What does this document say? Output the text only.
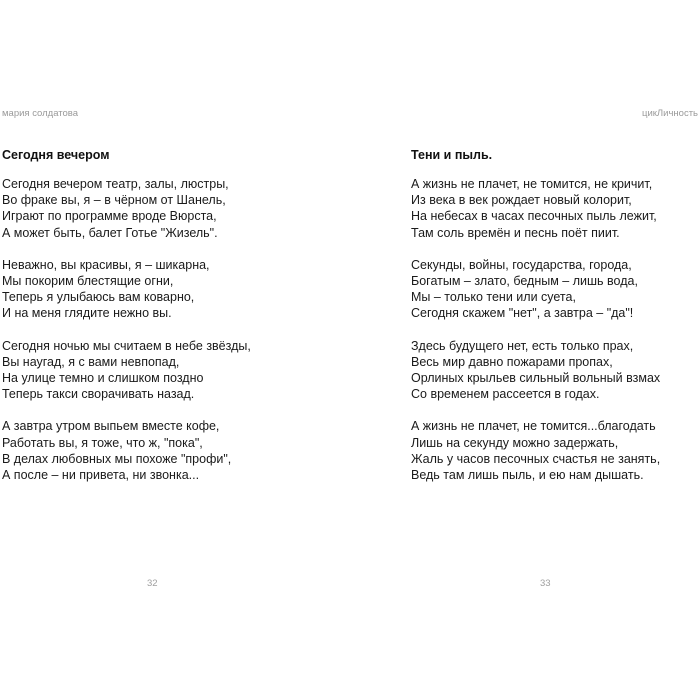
мария солдатова
Сегодня вечером
Сегодня вечером театр, залы, люстры,
Во фраке вы, я – в чёрном от Шанель,
Играют по программе вроде Вюрста,
А может быть, балет Готье "Жизель".
Неважно, вы красивы, я – шикарна,
Мы покорим блестящие огни,
Теперь я улыбаюсь вам коварно,
И на меня глядите нежно вы.
Сегодня ночью мы считаем в небе звёзды,
Вы наугад, я с вами невпопад,
На улице темно и слишком поздно
Теперь такси сворачивать назад.
А завтра утром выпьем вместе кофе,
Работать вы, я тоже, что ж, "пока",
В делах любовных мы похоже "профи",
А после – ни привета, ни звонка...
32
цикЛичность
Тени и пыль.
А жизнь не плачет, не томится, не кричит,
Из века в век рождает новый колорит,
На небесах в часах песочных пыль лежит,
Там соль времён и песнь поёт пиит.
Секунды, войны, государства, города,
Богатым – злато, бедным – лишь вода,
Мы – только тени или суета,
Сегодня скажем "нет", а завтра – "да"!
Здесь будущего нет, есть только прах,
Весь мир давно пожарами пропах,
Орлиных крыльев сильный вольный взмах
Со временем рассеется в годах.
А жизнь не плачет, не томится...благодать
Лишь на секунду можно задержать,
Жаль у часов песочных счастья не занять,
Ведь там лишь пыль, и ею нам дышать.
33
